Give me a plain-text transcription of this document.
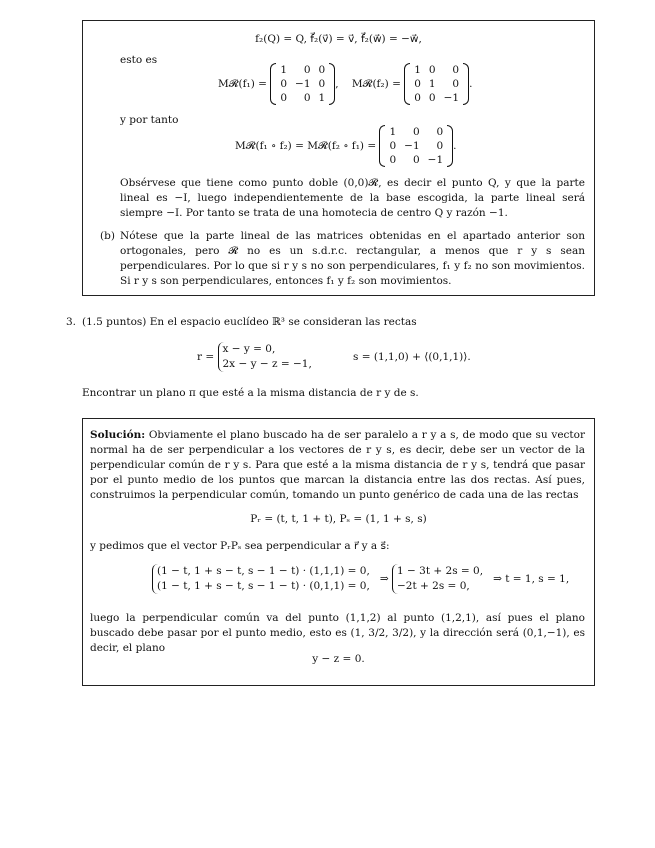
f₂(Q) = Q, f⃗₂(v⃗) = v⃗, f⃗₂(w⃗) = −w⃗,
esto es
M𝓡(f₁) =
1	0	0
0	−1	0
0	0	1
,    M𝓡(f₂) =
1	0	0
0	1	0
0	0	−1
.
y por tanto
M𝓡(f₁ ∘ f₂) = M𝓡(f₂ ∘ f₁) =
1	0	0
0	−1	0
0	0	−1
.
Obsérvese que tiene como punto doble (0,0)𝓡, es decir el punto Q, y que la parte lineal es −I, luego independientemente de la base escogida, la parte lineal será siempre −I. Por tanto se trata de una homotecia de centro Q y razón −1.
(b) Nótese que la parte lineal de las matrices obtenidas en el apartado anterior son ortogonales, pero 𝓡 no es un s.d.r.c. rectangular, a menos que r y s sean perpendiculares. Por lo que si r y s no son perpendiculares, f₁ y f₂ no son movimientos. Si r y s son perpendiculares, entonces f₁ y f₂ son movimientos.
3. (1.5 puntos) En el espacio euclídeo ℝ³ se consideran las rectas
r =
x − y = 0,
2x − y − z = −1,
s = (1,1,0) + ⟨(0,1,1)⟩.
Encontrar un plano π que esté a la misma distancia de r y de s.
Solución: Obviamente el plano buscado ha de ser paralelo a r y a s, de modo que su vector normal ha de ser perpendicular a los vectores de r y s, es decir, debe ser un vector de la perpendicular común de r y s. Para que esté a la misma distancia de r y s, tendrá que pasar por el punto medio de los puntos que marcan la distancia entre las dos rectas. Así pues, construimos la perpendicular común, tomando un punto genérico de cada una de las rectas
Pᵣ = (t, t, 1 + t), Pₛ = (1, 1 + s, s)
y pedimos que el vector PᵣPₛ sea perpendicular a r⃗ y a s⃗:
(1 − t, 1 + s − t, s − 1 − t) · (1,1,1) = 0,
(1 − t, 1 + s − t, s − 1 − t) · (0,1,1) = 0,
⇒
1 − 3t + 2s = 0,
−2t + 2s = 0,
⇒ t = 1, s = 1,
luego la perpendicular común va del punto (1,1,2) al punto (1,2,1), así pues el plano buscado debe pasar por el punto medio, esto es (1, 3/2, 3/2), y la dirección será (0,1,−1), es decir, el plano
y − z = 0.
